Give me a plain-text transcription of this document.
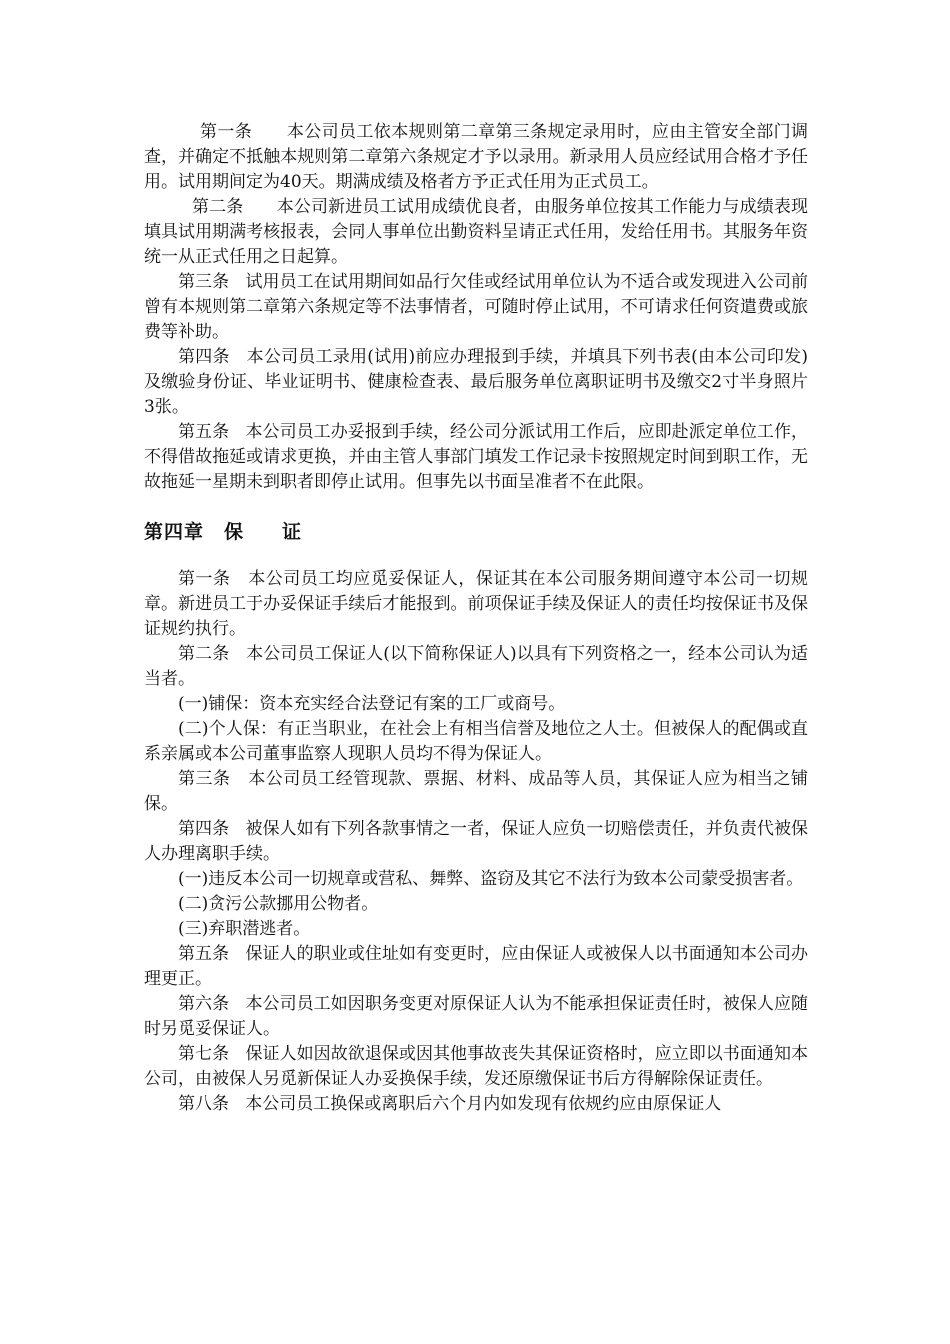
第一条 本公司员工依本规则第二章第三条规定录用时，应由主管安全部门调查，并确定不抵触本规则第二章第六条规定才予以录用。新录用人员应经试用合格才予任用。试用期间定为40天。期满成绩及格者方予正式任用为正式员工。

第二条 本公司新进员工试用成绩优良者，由服务单位按其工作能力与成绩表现填具试用期满考核报表，会同人事单位出勤资料呈请正式任用，发给任用书。其服务年资统一从正式任用之日起算。

第三条 试用员工在试用期间如品行欠佳或经试用单位认为不适合或发现进入公司前曾有本规则第二章第六条规定等不法事情者，可随时停止试用，不可请求任何资遣费或旅费等补助。

第四条 本公司员工录用(试用)前应办理报到手续，并填具下列书表(由本公司印发)及缴验身份证、毕业证明书、健康检查表、最后服务单位离职证明书及缴交2寸半身照片3张。

第五条 本公司员工办妥报到手续，经公司分派试用工作后，应即赴派定单位工作，不得借故拖延或请求更换，并由主管人事部门填发工作记录卡按照规定时间到职工作，无故拖延一星期未到职者即停止试用。但事先以书面呈准者不在此限。

第四章 保 证

第一条 本公司员工均应觅妥保证人，保证其在本公司服务期间遵守本公司一切规章。新进员工于办妥保证手续后才能报到。前项保证手续及保证人的责任均按保证书及保证规约执行。

第二条 本公司员工保证人(以下简称保证人)以具有下列资格之一，经本公司认为适当者。

(一)铺保：资本充实经合法登记有案的工厂或商号。

(二)个人保：有正当职业，在社会上有相当信誉及地位之人士。但被保人的配偶或直系亲属或本公司董事监察人现职人员均不得为保证人。

第三条 本公司员工经管现款、票据、材料、成品等人员，其保证人应为相当之铺保。

第四条 被保人如有下列各款事情之一者，保证人应负一切赔偿责任，并负责代被保人办理离职手续。

(一)违反本公司一切规章或营私、舞弊、盗窃及其它不法行为致本公司蒙受损害者。

(二)贪污公款挪用公物者。

(三)弃职潜逃者。

第五条 保证人的职业或住址如有变更时，应由保证人或被保人以书面通知本公司办理更正。

第六条 本公司员工如因职务变更对原保证人认为不能承担保证责任时，被保人应随时另觅妥保证人。

第七条 保证人如因故欲退保或因其他事故丧失其保证资格时，应立即以书面通知本公司，由被保人另觅新保证人办妥换保手续，发还原缴保证书后方得解除保证责任。

第八条 本公司员工换保或离职后六个月内如发现有依规约应由原保证人
